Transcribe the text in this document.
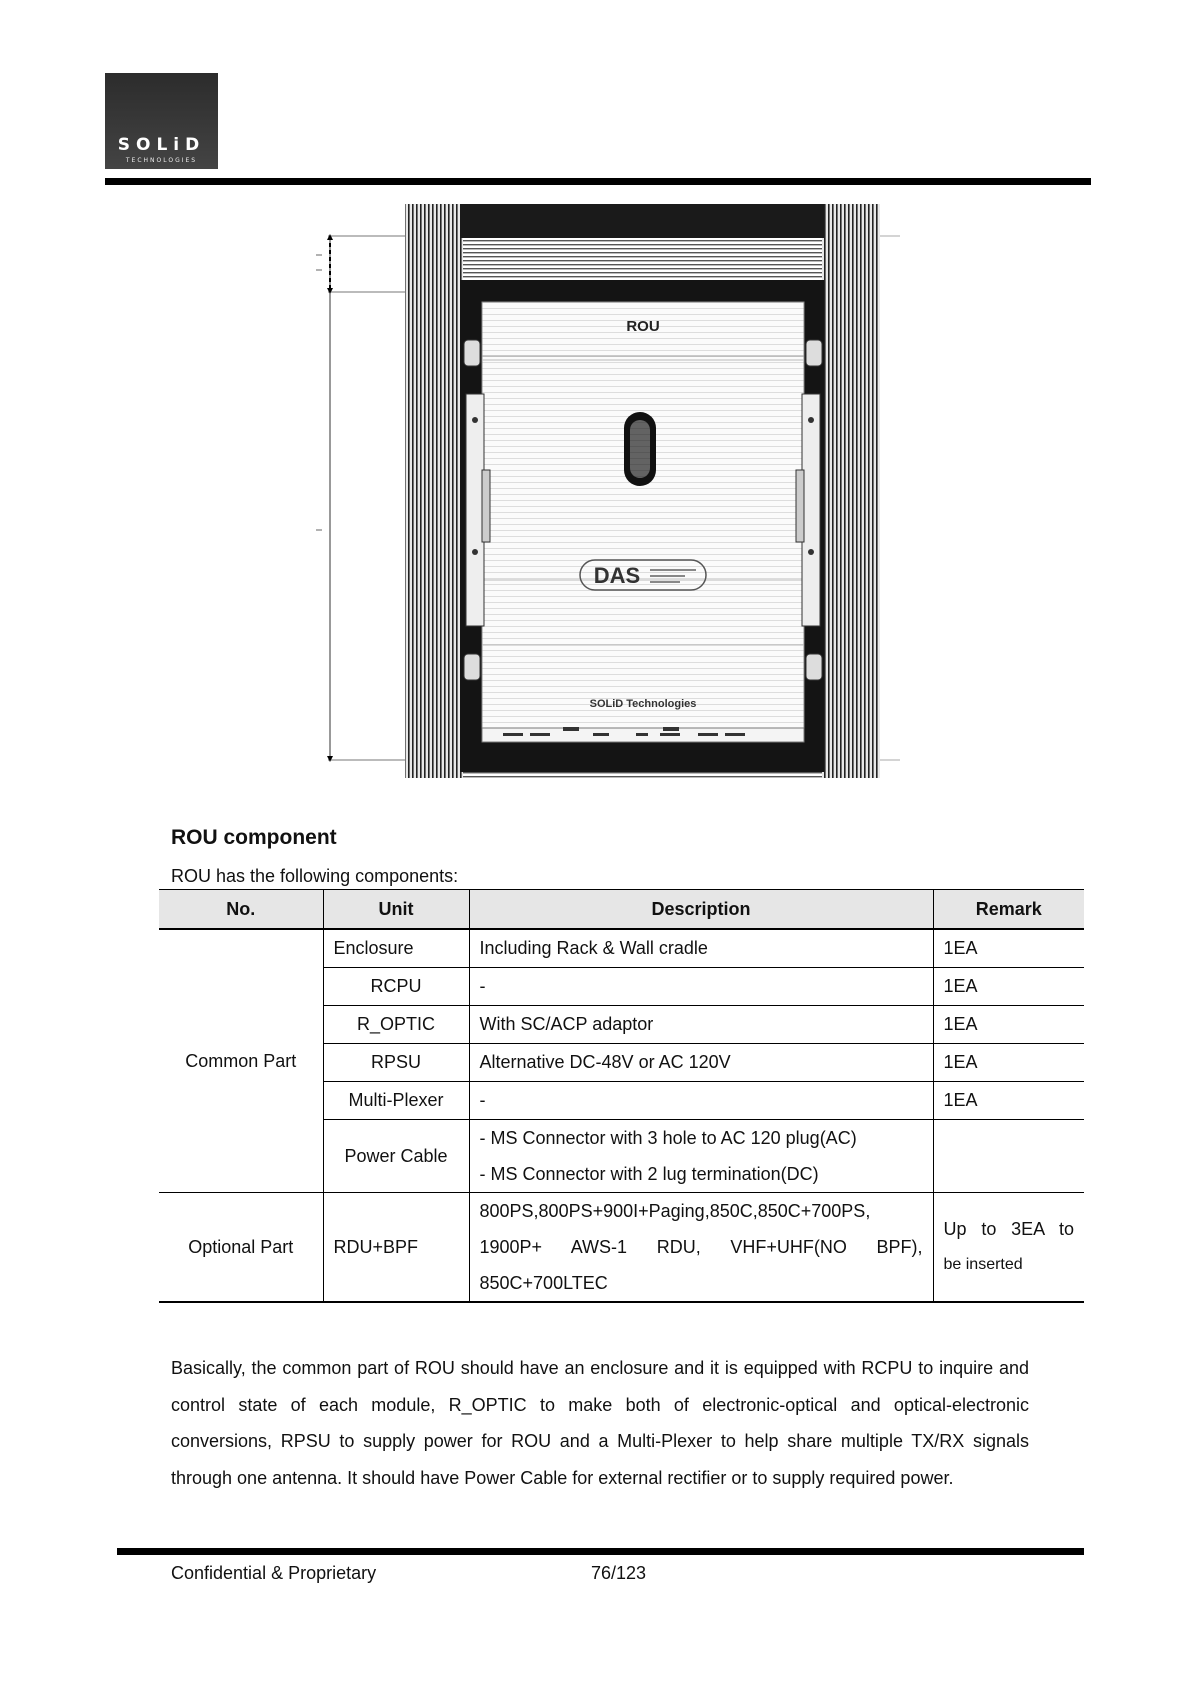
SOLiD
TECHNOLOGIES
ROU
DAS
SOLiD Technologies
ROU component
ROU has the following components:
No.	Unit	Description	Remark
Common Part	Enclosure	Including Rack & Wall cradle	1EA
	RCPU	-	1EA
	R_OPTIC	With SC/ACP adaptor	1EA
	RPSU	Alternative DC-48V or AC 120V	1EA
	Multi-Plexer	-	1EA
	Power Cable	- MS Connector with 3 hole to AC 120 plug(AC)
- MS Connector with 2 lug termination(DC)	

Optional Part	RDU+BPF	800PS,800PS+900I+Paging,850C,850C+700PS,
1900P+ AWS-1 RDU, VHF+UHF(NO BPF),
850C+700LTEC	Up to 3EA to
be inserted

Basically, the common part of ROU should have an enclosure and it is equipped with RCPU to inquire and control state of each module, R_OPTIC to make both of electronic-optical and optical-electronic conversions, RPSU to supply power for ROU and a Multi-Plexer to help share multiple TX/RX signals through one antenna. It should have Power Cable for external rectifier or to supply required power.

Confidential & Proprietary	76/123
